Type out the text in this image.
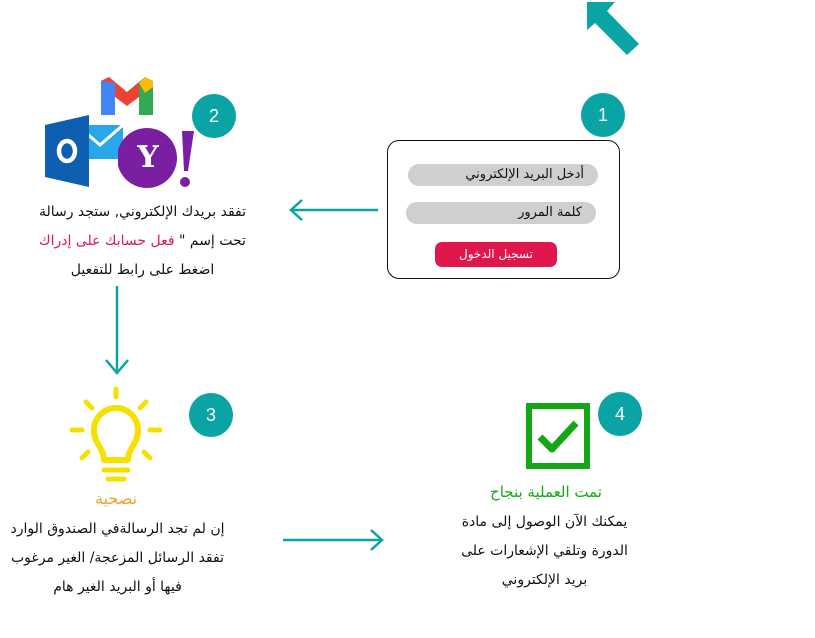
1
أدخل البريد الإلكتروني
كلمة المرور
تسجيل الدخول
2
Y
تفقد بريدك الإلكتروني, ستجد رسالة
تحت إسم " فعل حسابك على إدراك
اضغط على رابط للتفعيل
3
نصحية
إن لم تجد الرسالةفي الصندوق الوارد
تفقد الرسائل المزعجة/ الغير مرغوب
فيها أو البريد الغير هام
4
تمت العملية بنجاح
يمكنك الآن الوصول إلى مادة
الدورة وتلقي الإشعارات على
بريد الإلكتروني
